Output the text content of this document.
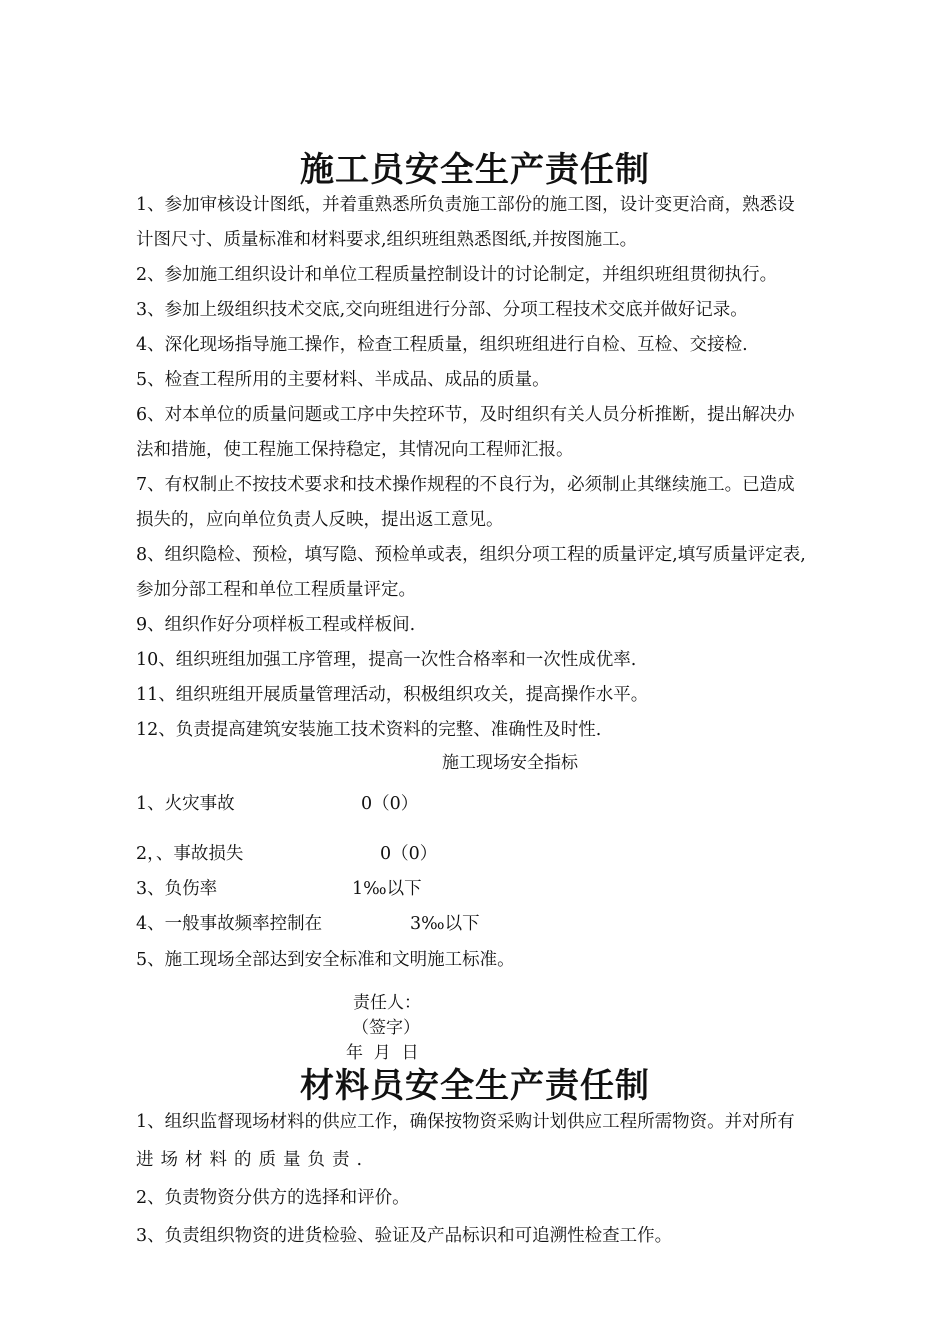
施工员安全生产责任制
1、参加审核设计图纸，并着重熟悉所负责施工部份的施工图，设计变更洽商，熟悉设
计图尺寸、质量标准和材料要求,组织班组熟悉图纸,并按图施工。
2、参加施工组织设计和单位工程质量控制设计的讨论制定，并组织班组贯彻执行。
3、参加上级组织技术交底,交向班组进行分部、分项工程技术交底并做好记录。
4、深化现场指导施工操作，检查工程质量，组织班组进行自检、互检、交接检.
5、检查工程所用的主要材料、半成品、成品的质量。
6、对本单位的质量问题或工序中失控环节，及时组织有关人员分析推断，提出解决办
法和措施，使工程施工保持稳定，其情况向工程师汇报。
7、有权制止不按技术要求和技术操作规程的不良行为，必须制止其继续施工。已造成
损失的，应向单位负责人反映，提出返工意见。
8、组织隐检、预检，填写隐、预检单或表，组织分项工程的质量评定,填写质量评定表,
参加分部工程和单位工程质量评定。
9、组织作好分项样板工程或样板间.
10、组织班组加强工序管理，提高一次性合格率和一次性成优率.
11、组织班组开展质量管理活动，积极组织攻关，提高操作水平。
12、负责提高建筑安装施工技术资料的完整、准确性及时性.
施工现场安全指标
1、火灾事故	0（0）
2，、事故损失	0（0）
3、负伤率	1‰以下
4、一般事故频率控制在	3‰以下
5、施工现场全部达到安全标准和文明施工标准。
责任人：
（签字）
年  月  日
材料员安全生产责任制
1、组织监督现场材料的供应工作，确保按物资采购计划供应工程所需物资。并对所有
进场材料的质量负责.
2、负责物资分供方的选择和评价。
3、负责组织物资的进货检验、验证及产品标识和可追溯性检查工作。
